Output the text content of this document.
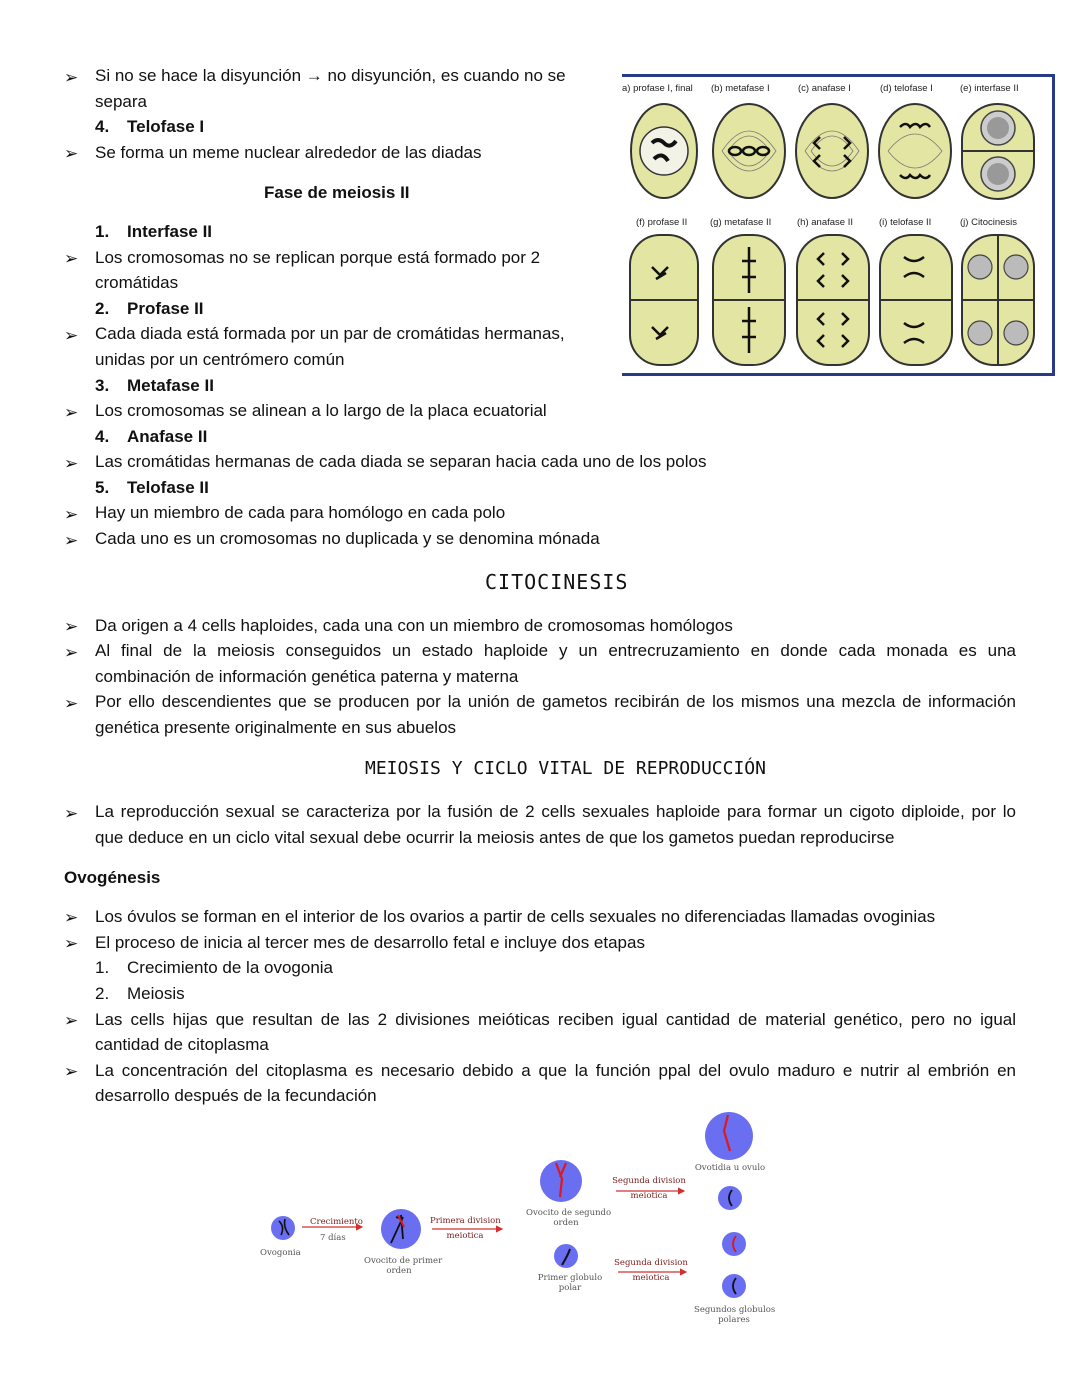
➢ Si no se hace la disyunción → no disyunción, es cuando no se
separa
4. Telofase I
➢ Se forma un meme nuclear alrededor de las diadas
Fase de meiosis II
1. Interfase II
➢ Los cromosomas no se replican porque está formado por 2
cromátidas
2. Profase II
➢ Cada diada está formada por un par de cromátidas hermanas,
unidas por un centrómero común
3. Metafase II
➢ Los cromosomas se alinean a lo largo de la placa ecuatorial
4. Anafase II
➢ Las cromátidas hermanas de cada diada se separan hacia cada uno de los polos
5. Telofase II
➢ Hay un miembro de cada para homólogo en cada polo
➢ Cada uno es un cromosomas no duplicada y se denomina mónada
a) profase I, final (b) metafase I	(c) anafase I	(d) telofase I	(e) interfase II
(f) profase II (g) metafase II	(h) anafase II	(i) telofase II	(j) Citocinesis
CITOCINESIS
➢ Da origen a 4 cells haploides, cada una con un miembro de cromosomas homólogos
➢ Al final de la meiosis conseguidos un estado haploide y un entrecruzamiento en donde cada monada es una
combinación de información genética paterna y materna
➢ Por ello descendientes que se producen por la unión de gametos recibirán de los mismos una mezcla de información
genética presente originalmente en sus abuelos
MEIOSIS Y CICLO VITAL DE REPRODUCCIÓN
➢ La reproducción sexual se caracteriza por la fusión de 2 cells sexuales haploide para formar un cigoto diploide, por lo
que deduce en un ciclo vital sexual debe ocurrir la meiosis antes de que los gametos puedan reproducirse
Ovogénesis
➢ Los óvulos se forman en el interior de los ovarios a partir de cells sexuales no diferenciadas llamadas ovoginias
➢ El proceso de inicia al tercer mes de desarrollo fetal e incluye dos etapas
1. Crecimiento de la ovogonia
2. Meiosis
➢ Las cells hijas que resultan de las 2 divisiones meióticas reciben igual cantidad de material genético, pero no igual
cantidad de citoplasma
➢ La concentración del citoplasma es necesario debido a que la función ppal del ovulo maduro e nutrir al embrión en
desarrollo después de la fecundación
Ovogonia
Crecimiento
7 días
Ovocito de primer
orden
Primera division
meiotica
Ovocito de segundo
orden
Primer globulo
polar
Segunda division
meiotica
Segunda division
meiotica
Ovotidia u ovulo
Segundos globulos
polares
